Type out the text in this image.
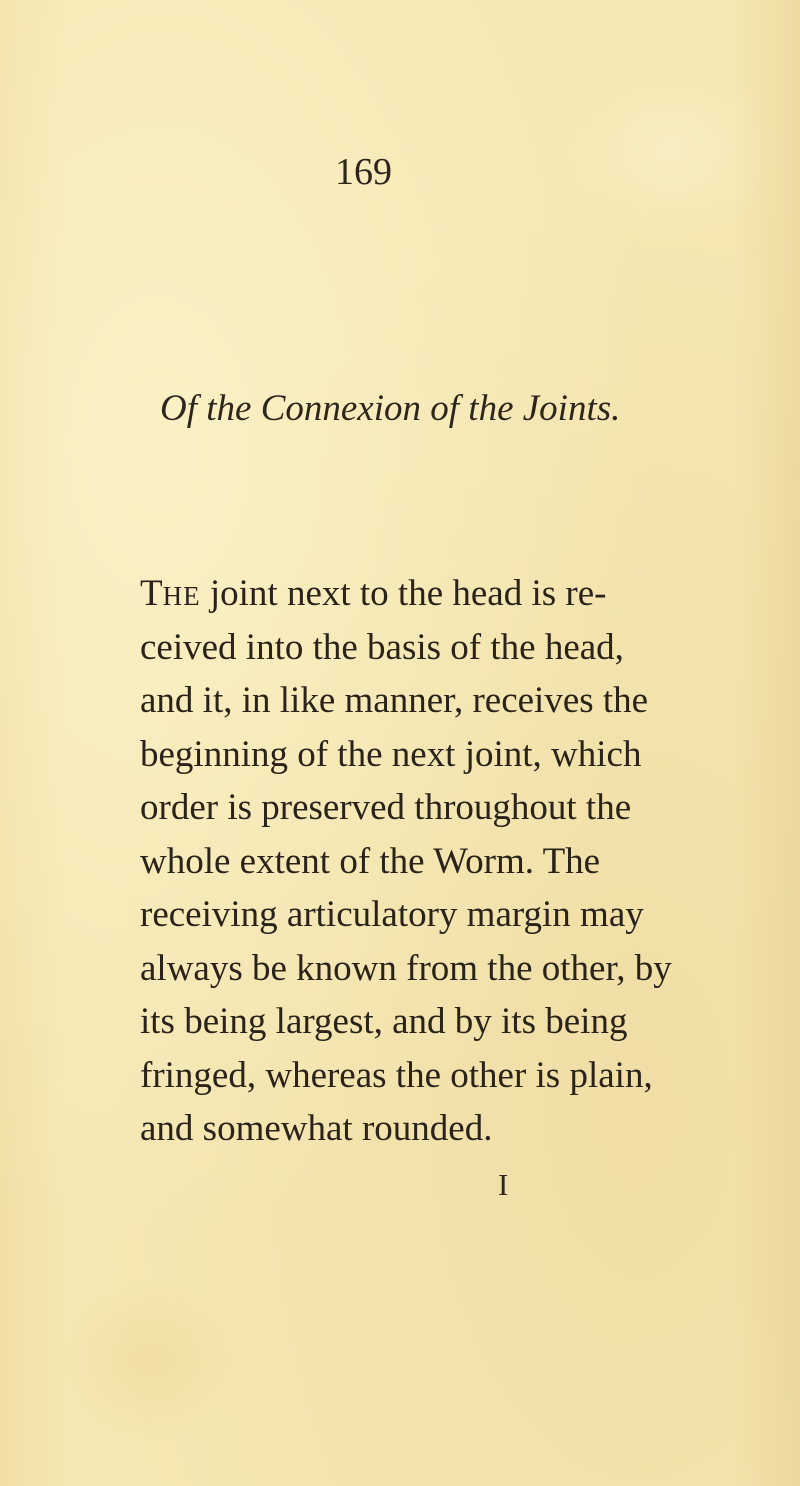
169
Of the Connexion of the Joints.
THE joint next to the head is re-
ceived into the basis of the head,
and it, in like manner, receives the
beginning of the next joint, which
order is preserved throughout the
whole extent of the Worm. The
receiving articulatory margin may
always be known from the other, by
its being largest, and by its being
fringed, whereas the other is plain,
and somewhat rounded.
I
